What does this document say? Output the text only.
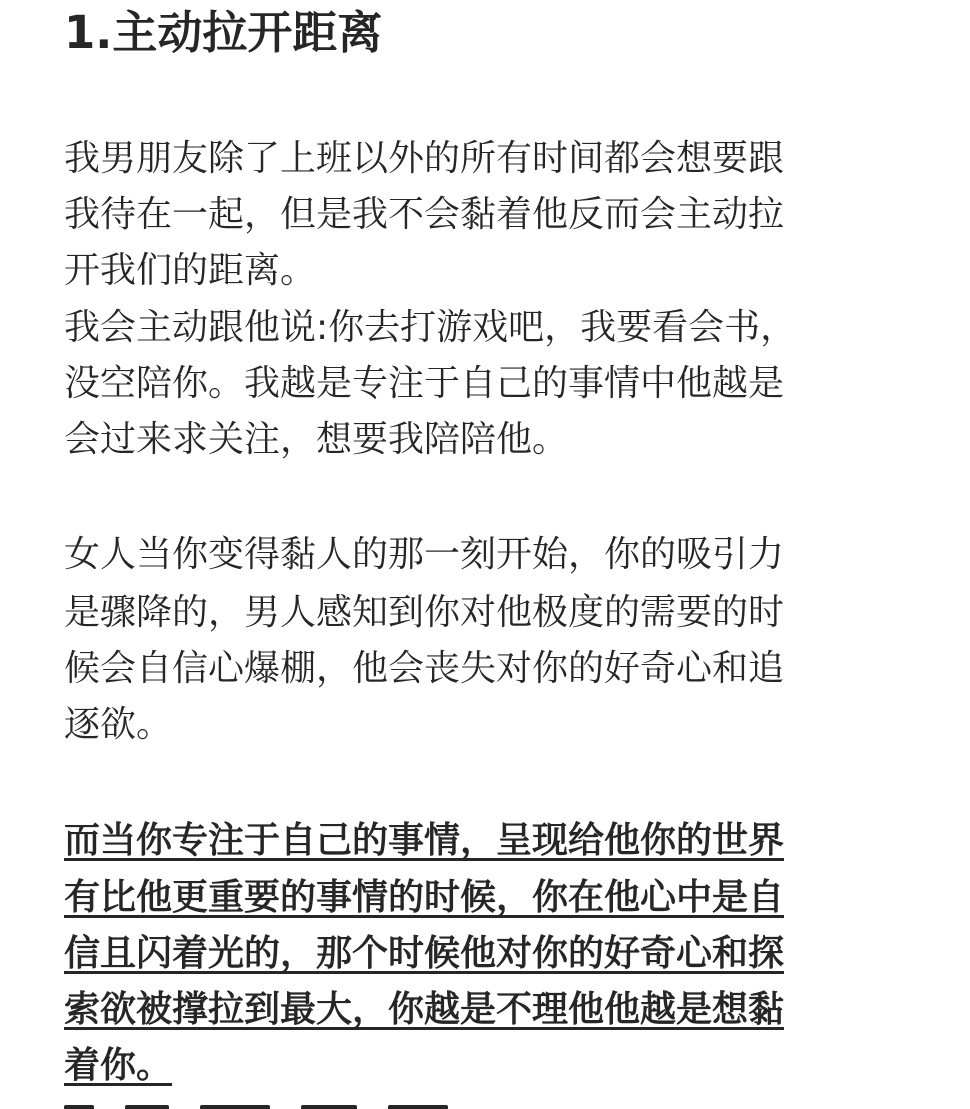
1.主动拉开距离

我男朋友除了上班以外的所有时间都会想要跟

我待在一起，但是我不会黏着他反而会主动拉

开我们的距离。

我会主动跟他说:你去打游戏吧，我要看会书，

没空陪你。我越是专注于自己的事情中他越是

会过来求关注，想要我陪陪他。

女人当你变得黏人的那一刻开始，你的吸引力

是骤降的，男人感知到你对他极度的需要的时

候会自信心爆棚，他会丧失对你的好奇心和追

逐欲。

而当你专注于自己的事情，呈现给他你的世界

有比他更重要的事情的时候，你在他心中是自

信且闪着光的，那个时候他对你的好奇心和探

索欲被撑拉到最大，你越是不理他他越是想黏

着你。
